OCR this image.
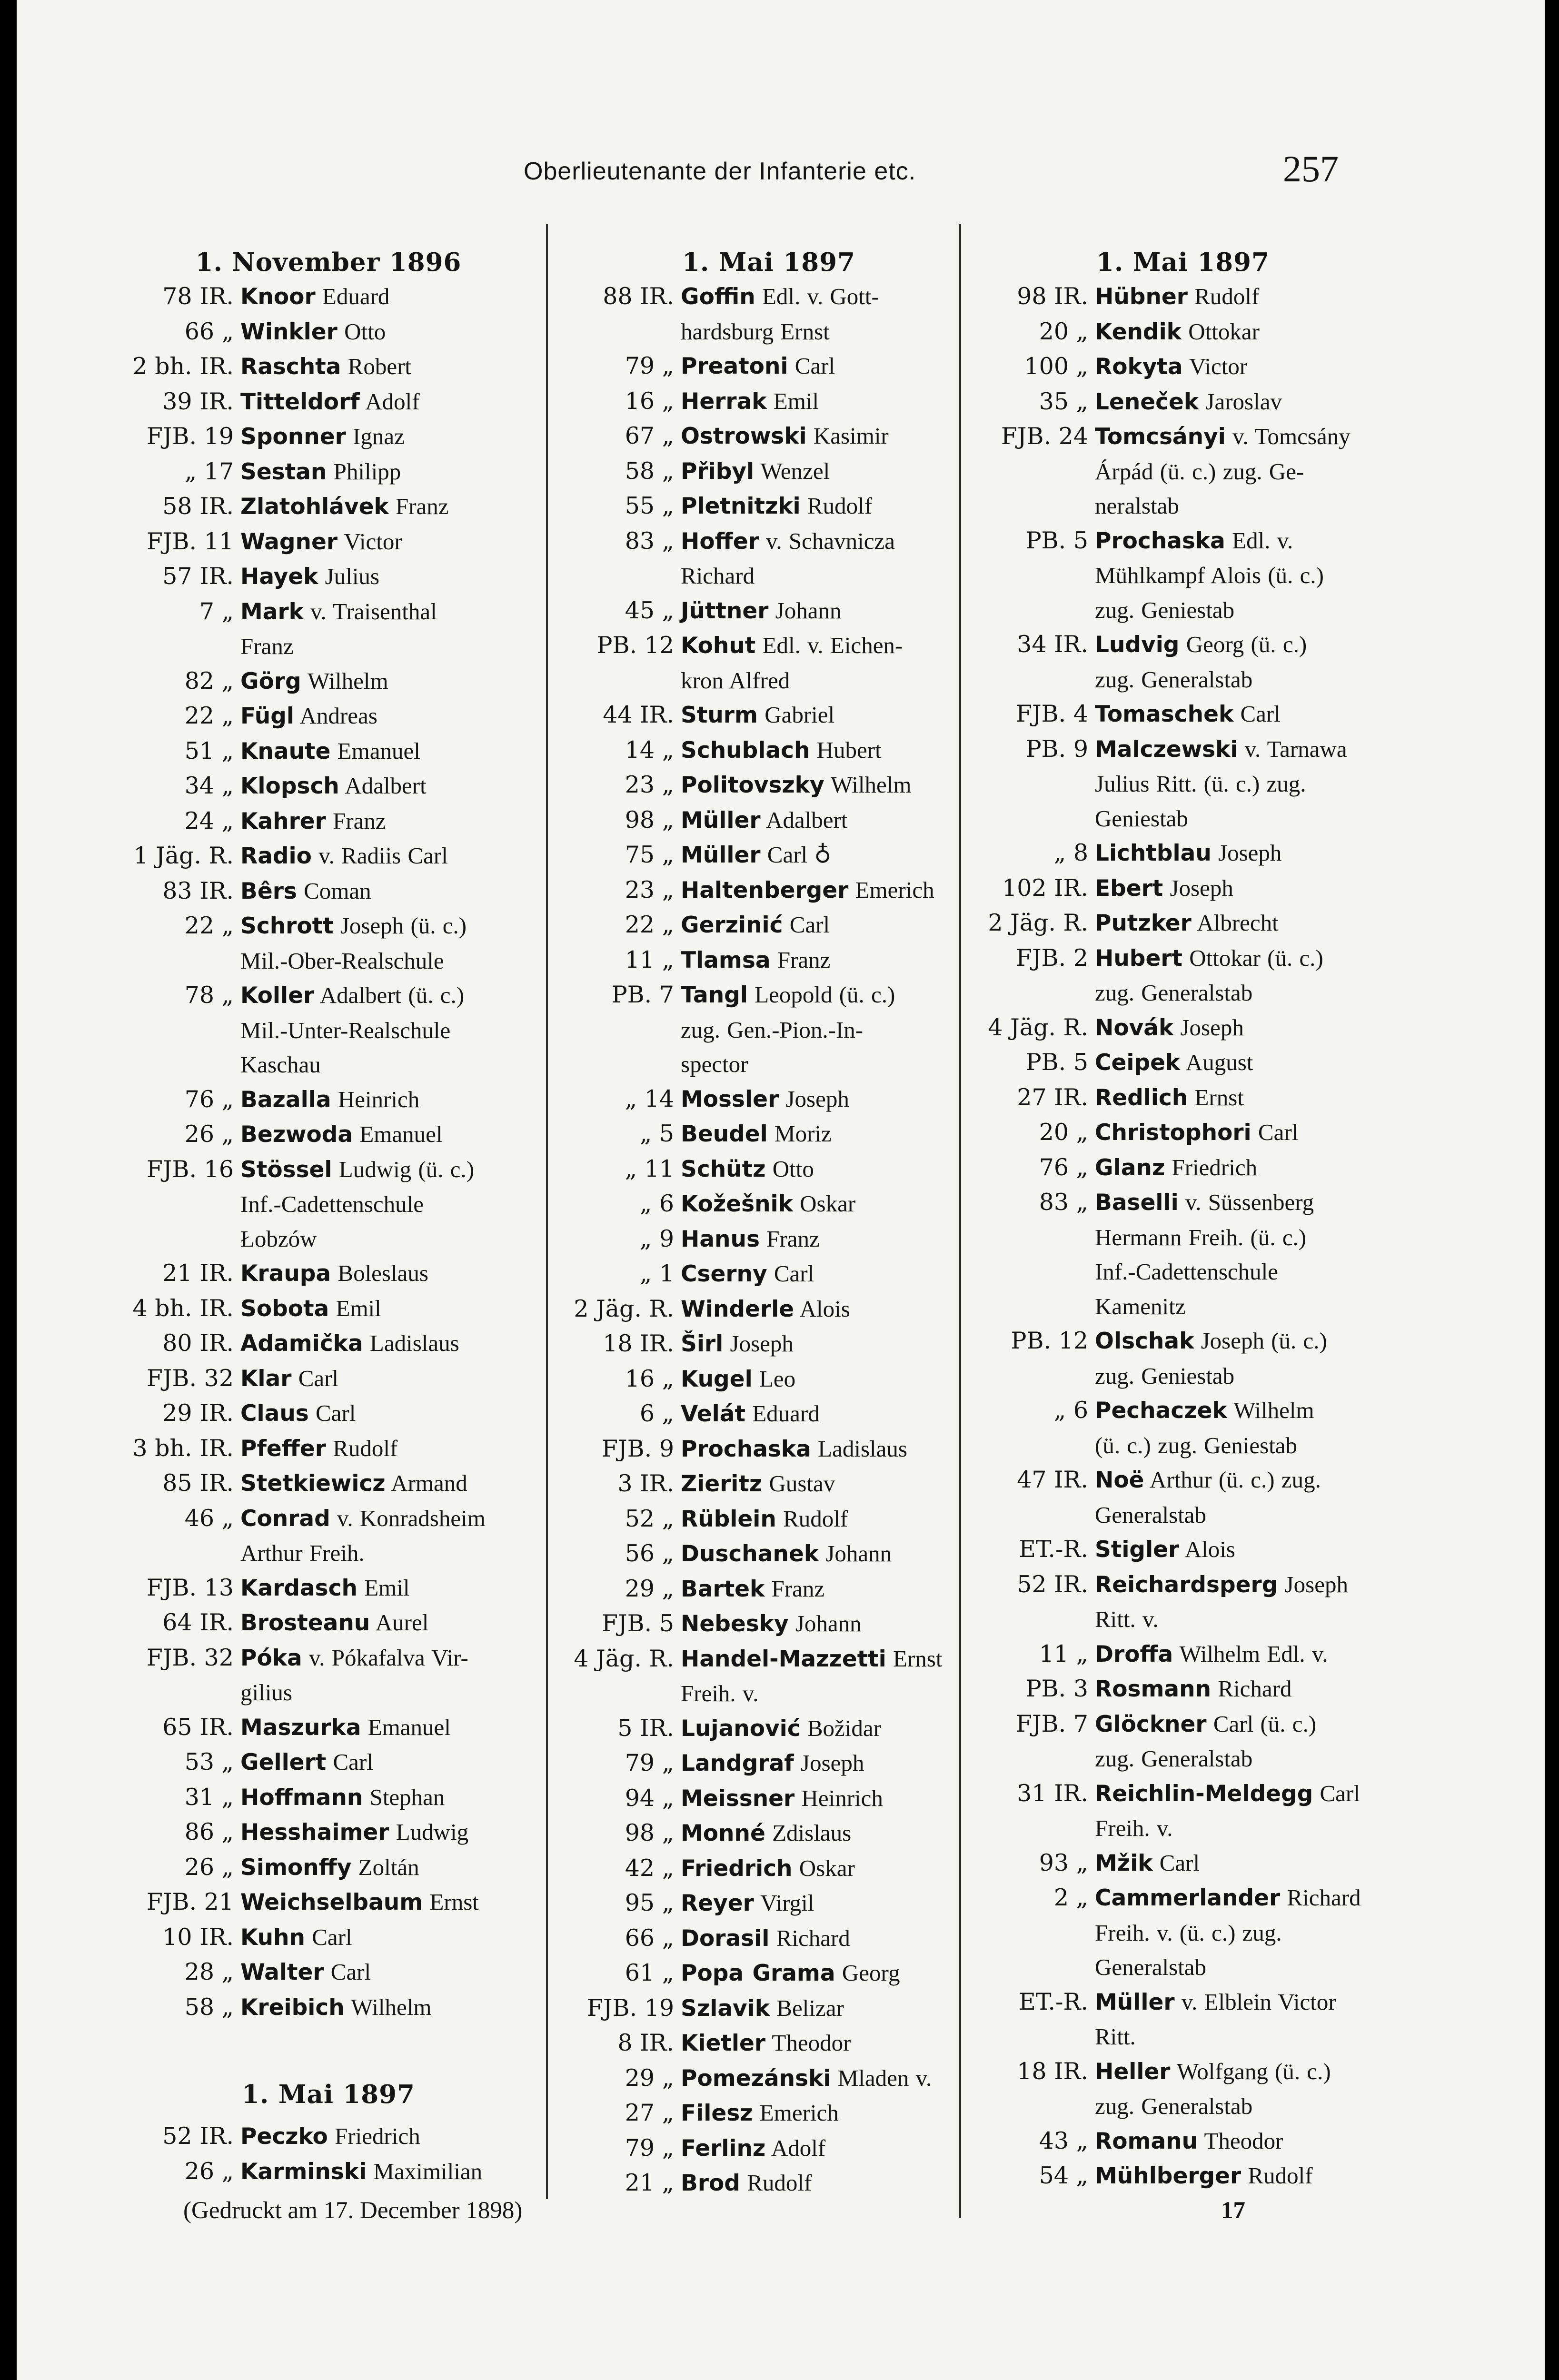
Oberlieutenante der Infanterie etc.	257
1. November 1896
78 IR. Knoor Eduard
66 „ Winkler Otto
2 bh. IR. Raschta Robert
39 IR. Titteldorf Adolf
FJB. 19 Sponner Ignaz
„ 17 Sestan Philipp
58 IR. Zlatohlávek Franz
FJB. 11 Wagner Victor
57 IR. Hayek Julius
7 „ Mark v. Traisenthal
Franz
82 „ Görg Wilhelm
22 „ Fügl Andreas
51 „ Knaute Emanuel
34 „ Klopsch Adalbert
24 „ Kahrer Franz
1 Jäg. R. Radio v. Radiis Carl
83 IR. Bêrs Coman
22 „ Schrott Joseph (ü. c.)
Mil.-Ober-Realschule
78 „ Koller Adalbert (ü. c.)
Mil.-Unter-Realschule
Kaschau
76 „ Bazalla Heinrich
26 „ Bezwoda Emanuel
FJB. 16 Stössel Ludwig (ü. c.)
Inf.-Cadettenschule
Łobzów
21 IR. Kraupa Boleslaus
4 bh. IR. Sobota Emil
80 IR. Adamička Ladislaus
FJB. 32 Klar Carl
29 IR. Claus Carl
3 bh. IR. Pfeffer Rudolf
85 IR. Stetkiewicz Armand
46 „ Conrad v. Konradsheim
Arthur Freih.
FJB. 13 Kardasch Emil
64 IR. Brosteanu Aurel
FJB. 32 Póka v. Pókafalva Vir-
gilius
65 IR. Maszurka Emanuel
53 „ Gellert Carl
31 „ Hoffmann Stephan
86 „ Hesshaimer Ludwig
26 „ Simonffy Zoltán
FJB. 21 Weichselbaum Ernst
10 IR. Kuhn Carl
28 „ Walter Carl
58 „ Kreibich Wilhelm
1. Mai 1897
52 IR. Peczko Friedrich
26 „ Karminski Maximilian
1. Mai 1897
88 IR. Goffin Edl. v. Gott-
hardsburg Ernst
79 „ Preatoni Carl
16 „ Herrak Emil
67 „ Ostrowski Kasimir
58 „ Přibyl Wenzel
55 „ Pletnitzki Rudolf
83 „ Hoffer v. Schavnicza
Richard
45 „ Jüttner Johann
PB. 12 Kohut Edl. v. Eichen-
kron Alfred
44 IR. Sturm Gabriel
14 „ Schublach Hubert
23 „ Politovszky Wilhelm
98 „ Müller Adalbert
75 „ Müller Carl ♁
23 „ Haltenberger Emerich
22 „ Gerzinić Carl
11 „ Tlamsa Franz
PB. 7 Tangl Leopold (ü. c.)
zug. Gen.-Pion.-In-
spector
„ 14 Mossler Joseph
„ 5 Beudel Moriz
„ 11 Schütz Otto
„ 6 Kožešnik Oskar
„ 9 Hanus Franz
„ 1 Cserny Carl
2 Jäg. R. Winderle Alois
18 IR. Širl Joseph
16 „ Kugel Leo
6 „ Velát Eduard
FJB. 9 Prochaska Ladislaus
3 IR. Zieritz Gustav
52 „ Rüblein Rudolf
56 „ Duschanek Johann
29 „ Bartek Franz
FJB. 5 Nebesky Johann
4 Jäg. R. Handel-Mazzetti Ernst
Freih. v.
5 IR. Lujanović Božidar
79 „ Landgraf Joseph
94 „ Meissner Heinrich
98 „ Monné Zdislaus
42 „ Friedrich Oskar
95 „ Reyer Virgil
66 „ Dorasil Richard
61 „ Popa Grama Georg
FJB. 19 Szlavik Belizar
8 IR. Kietler Theodor
29 „ Pomezánski Mladen v.
27 „ Filesz Emerich
79 „ Ferlinz Adolf
21 „ Brod Rudolf
1. Mai 1897
98 IR. Hübner Rudolf
20 „ Kendik Ottokar
100 „ Rokyta Victor
35 „ Leneček Jaroslav
FJB. 24 Tomcsányi v. Tomcsány
Árpád (ü. c.) zug. Ge-
neralstab
PB. 5 Prochaska Edl. v.
Mühlkampf Alois (ü. c.)
zug. Geniestab
34 IR. Ludvig Georg (ü. c.)
zug. Generalstab
FJB. 4 Tomaschek Carl
PB. 9 Malczewski v. Tarnawa
Julius Ritt. (ü. c.) zug.
Geniestab
„ 8 Lichtblau Joseph
102 IR. Ebert Joseph
2 Jäg. R. Putzker Albrecht
FJB. 2 Hubert Ottokar (ü. c.)
zug. Generalstab
4 Jäg. R. Novák Joseph
PB. 5 Ceipek August
27 IR. Redlich Ernst
20 „ Christophori Carl
76 „ Glanz Friedrich
83 „ Baselli v. Süssenberg
Hermann Freih. (ü. c.)
Inf.-Cadettenschule
Kamenitz
PB. 12 Olschak Joseph (ü. c.)
zug. Geniestab
„ 6 Pechaczek Wilhelm
(ü. c.) zug. Geniestab
47 IR. Noë Arthur (ü. c.) zug.
Generalstab
ET.-R. Stigler Alois
52 IR. Reichardsperg Joseph
Ritt. v.
11 „ Droffa Wilhelm Edl. v.
PB. 3 Rosmann Richard
FJB. 7 Glöckner Carl (ü. c.)
zug. Generalstab
31 IR. Reichlin-Meldegg Carl
Freih. v.
93 „ Mžik Carl
2 „ Cammerlander Richard
Freih. v. (ü. c.) zug.
Generalstab
ET.-R. Müller v. Elblein Victor
Ritt.
18 IR. Heller Wolfgang (ü. c.)
zug. Generalstab
43 „ Romanu Theodor
54 „ Mühlberger Rudolf
(Gedruckt am 17. December 1898)	17
